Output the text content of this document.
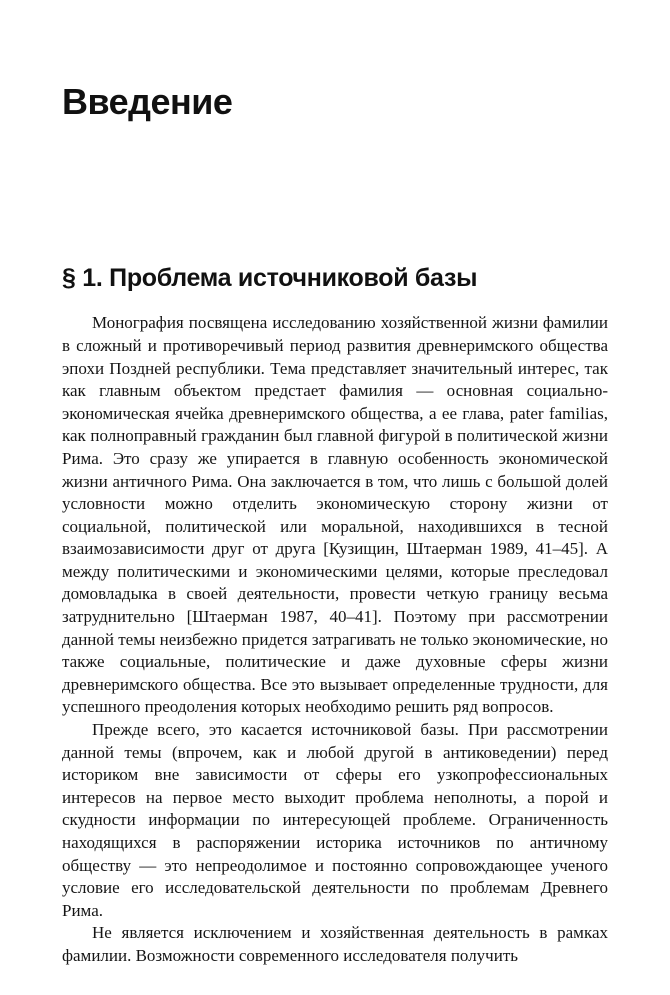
Введение
§ 1. Проблема источниковой базы

Монография посвящена исследованию хозяйственной жизни фамилии в сложный и противоречивый период развития древнеримского общества эпохи Поздней республики. Тема представляет значительный интерес, так как главным объектом предстает фамилия — основная социально-экономическая ячейка древнеримского общества, а ее глава, pater familias, как полноправный гражданин был главной фигурой в политической жизни Рима. Это сразу же упирается в главную особенность экономической жизни античного Рима. Она заключается в том, что лишь с большой долей условности можно отделить экономическую сторону жизни от социальной, политической или моральной, находившихся в тесной взаимозависимости друг от друга [Кузищин, Штаерман 1989, 41–45]. А между политическими и экономическими целями, которые преследовал домовладыка в своей деятельности, провести четкую границу весьма затруднительно [Штаерман 1987, 40–41]. Поэтому при рассмотрении данной темы неизбежно придется затрагивать не только экономические, но также социальные, политические и даже духовные сферы жизни древнеримского общества. Все это вызывает определенные трудности, для успешного преодоления которых необходимо решить ряд вопросов.

Прежде всего, это касается источниковой базы. При рассмотрении данной темы (впрочем, как и любой другой в антиковедении) перед историком вне зависимости от сферы его узкопрофессиональных интересов на первое место выходит проблема неполноты, а порой и скудности информации по интересующей проблеме. Ограниченность находящихся в распоряжении историка источников по античному обществу — это непреодолимое и постоянно сопровождающее ученого условие его исследовательской деятельности по проблемам Древнего Рима.

Не является исключением и хозяйственная деятельность в рамках фамилии. Возможности современного исследователя получить
